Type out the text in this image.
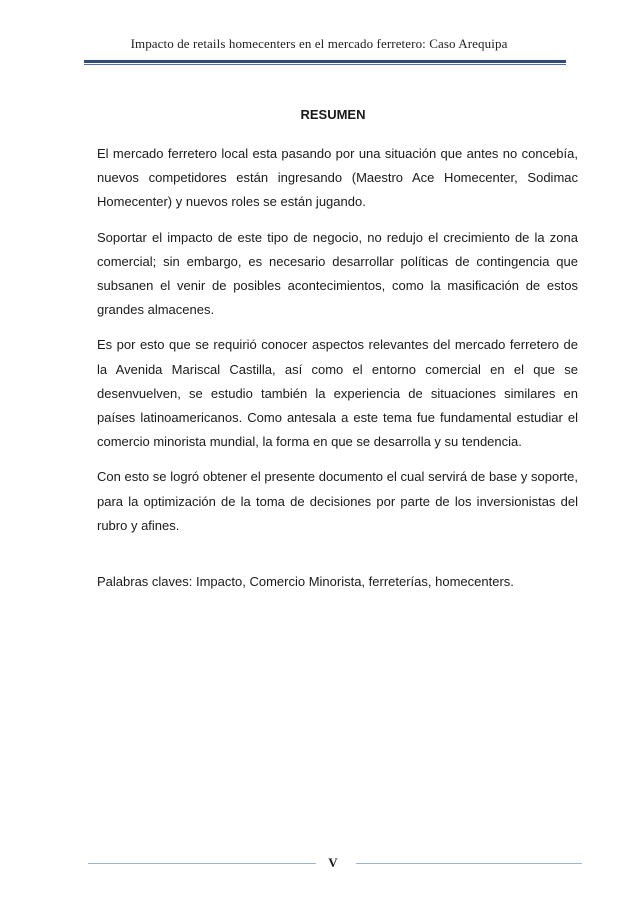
Impacto de retails homecenters en el mercado ferretero: Caso Arequipa
RESUMEN

El mercado ferretero local esta pasando por una situación que antes no concebía, nuevos competidores están ingresando (Maestro Ace Homecenter, Sodimac Homecenter) y nuevos roles se están jugando.

Soportar el impacto de este tipo de negocio, no redujo el crecimiento de la zona comercial; sin embargo, es necesario desarrollar políticas de contingencia que subsanen el venir de posibles acontecimientos, como la masificación de estos grandes almacenes.

Es por esto que se requirió conocer aspectos relevantes del mercado ferretero de la Avenida Mariscal Castilla, así como el entorno comercial en el que se desenvuelven, se estudio también la experiencia de situaciones similares en países latinoamericanos. Como antesala a este tema fue fundamental estudiar el comercio minorista mundial, la forma en que se desarrolla y su tendencia.

Con esto se logró obtener el presente documento el cual servirá de base y soporte, para la optimización de la toma de decisiones por parte de los inversionistas del rubro y afines.

Palabras claves: Impacto, Comercio Minorista, ferreterías, homecenters.

V
